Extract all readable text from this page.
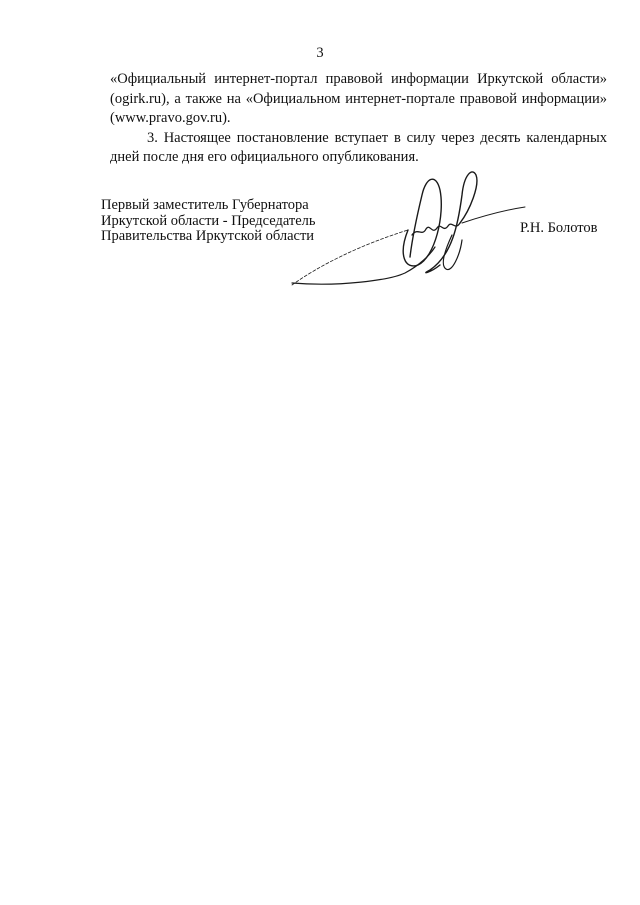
3

«Официальный интернет-портал правовой информации Иркутской области» (ogirk.ru), а также на «Официальном интернет-портале правовой информации» (www.pravo.gov.ru).

3. Настоящее постановление вступает в силу через десять календарных дней после дня его официального опубликования.

Первый заместитель Губернатора
Иркутской области - Председатель
Правительства Иркутской области	Р.Н. Болотов
